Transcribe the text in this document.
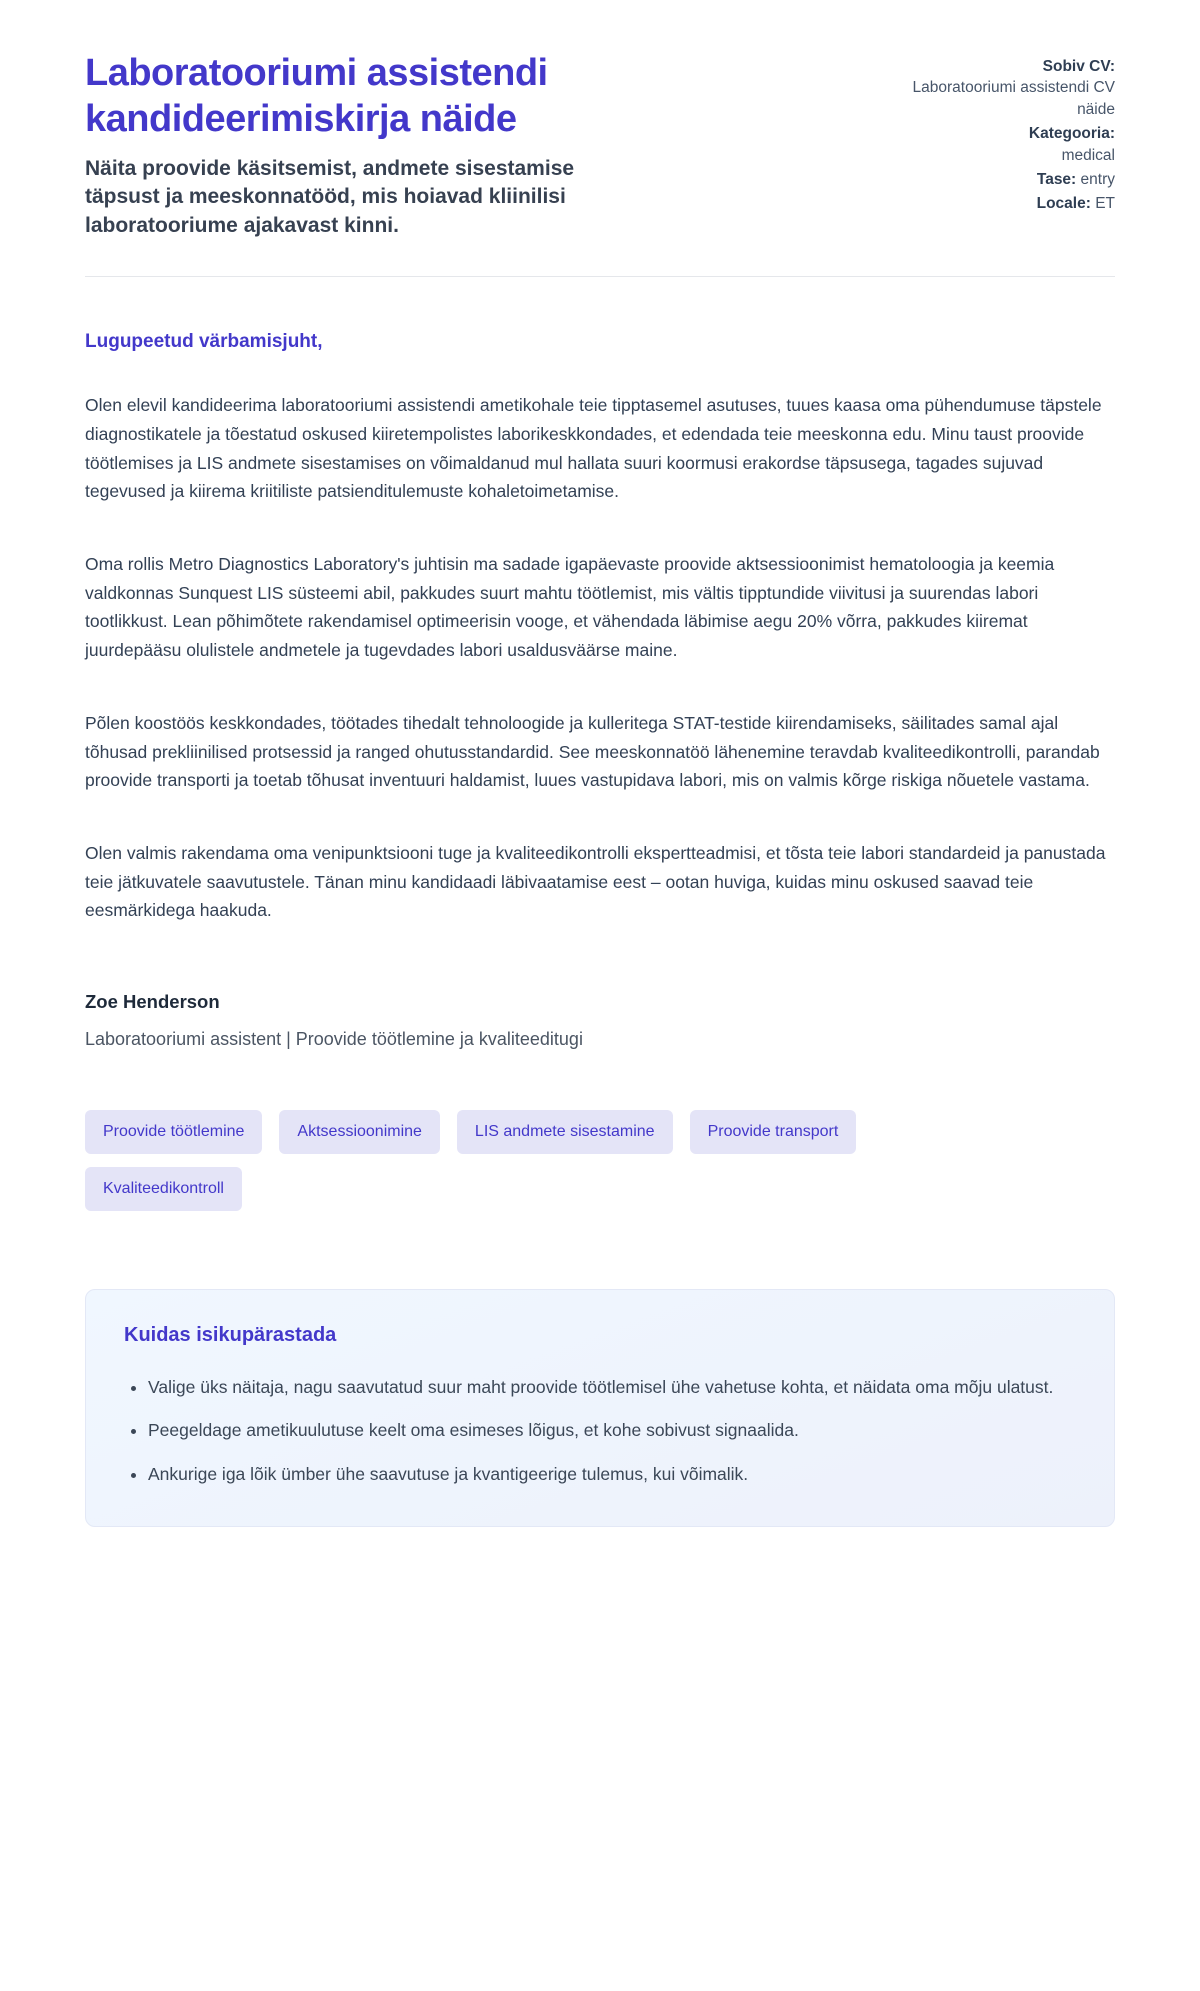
Laboratooriumi assistendi kandideerimiskirja näide

Näita proovide käsitsemist, andmete sisestamise täpsust ja meeskonnatööd, mis hoiavad kliinilisi laboratooriume ajakavast kinni.

Sobiv CV:
Laboratooriumi assistendi CV näide
Kategooria:
medical
Tase: entry
Locale: ET

Lugupeetud värbamisjuht,

Olen elevil kandideerima laboratooriumi assistendi ametikohale teie tipptasemel asutuses, tuues kaasa oma pühendumuse täpstele diagnostikatele ja tõestatud oskused kiiretempolistes laborikeskkondades, et edendada teie meeskonna edu. Minu taust proovide töötlemises ja LIS andmete sisestamises on võimaldanud mul hallata suuri koormusi erakordse täpsusega, tagades sujuvad tegevused ja kiirema kriitiliste patsienditulemuste kohaletoimetamise.

Oma rollis Metro Diagnostics Laboratory's juhtisin ma sadade igapäevaste proovide aktsessioonimist hematoloogia ja keemia valdkonnas Sunquest LIS süsteemi abil, pakkudes suurt mahtu töötlemist, mis vältis tipptundide viivitusi ja suurendas labori tootlikkust. Lean põhimõtete rakendamisel optimeerisin vooge, et vähendada läbimise aegu 20% võrra, pakkudes kiiremat juurdepääsu olulistele andmetele ja tugevdades labori usaldusväärse maine.

Põlen koostöös keskkondades, töötades tihedalt tehnoloogide ja kulleritega STAT-testide kiirendamiseks, säilitades samal ajal tõhusad prekliinilised protsessid ja ranged ohutusstandardid. See meeskonnatöö lähenemine teravdab kvaliteedikontrolli, parandab proovide transporti ja toetab tõhusat inventuuri haldamist, luues vastupidava labori, mis on valmis kõrge riskiga nõuetele vastama.

Olen valmis rakendama oma venipunktsiooni tuge ja kvaliteedikontrolli ekspertteadmisi, et tõsta teie labori standardeid ja panustada teie jätkuvatele saavutustele. Tänan minu kandidaadi läbivaatamise eest – ootan huviga, kuidas minu oskused saavad teie eesmärkidega haakuda.

Zoe Henderson

Laboratooriumi assistent | Proovide töötlemine ja kvaliteeditugi

Proovide töötlemine	Aktsessioonimine	LIS andmete sisestamine	Proovide transport
Kvaliteedikontroll
Kuidas isikupärastada
• Valige üks näitaja, nagu saavutatud suur maht proovide töötlemisel ühe vahetuse kohta, et näidata oma mõju ulatust.
• Peegeldage ametikuulutuse keelt oma esimeses lõigus, et kohe sobivust signaalida.
• Ankurige iga lõik ümber ühe saavutuse ja kvantigeerige tulemus, kui võimalik.
